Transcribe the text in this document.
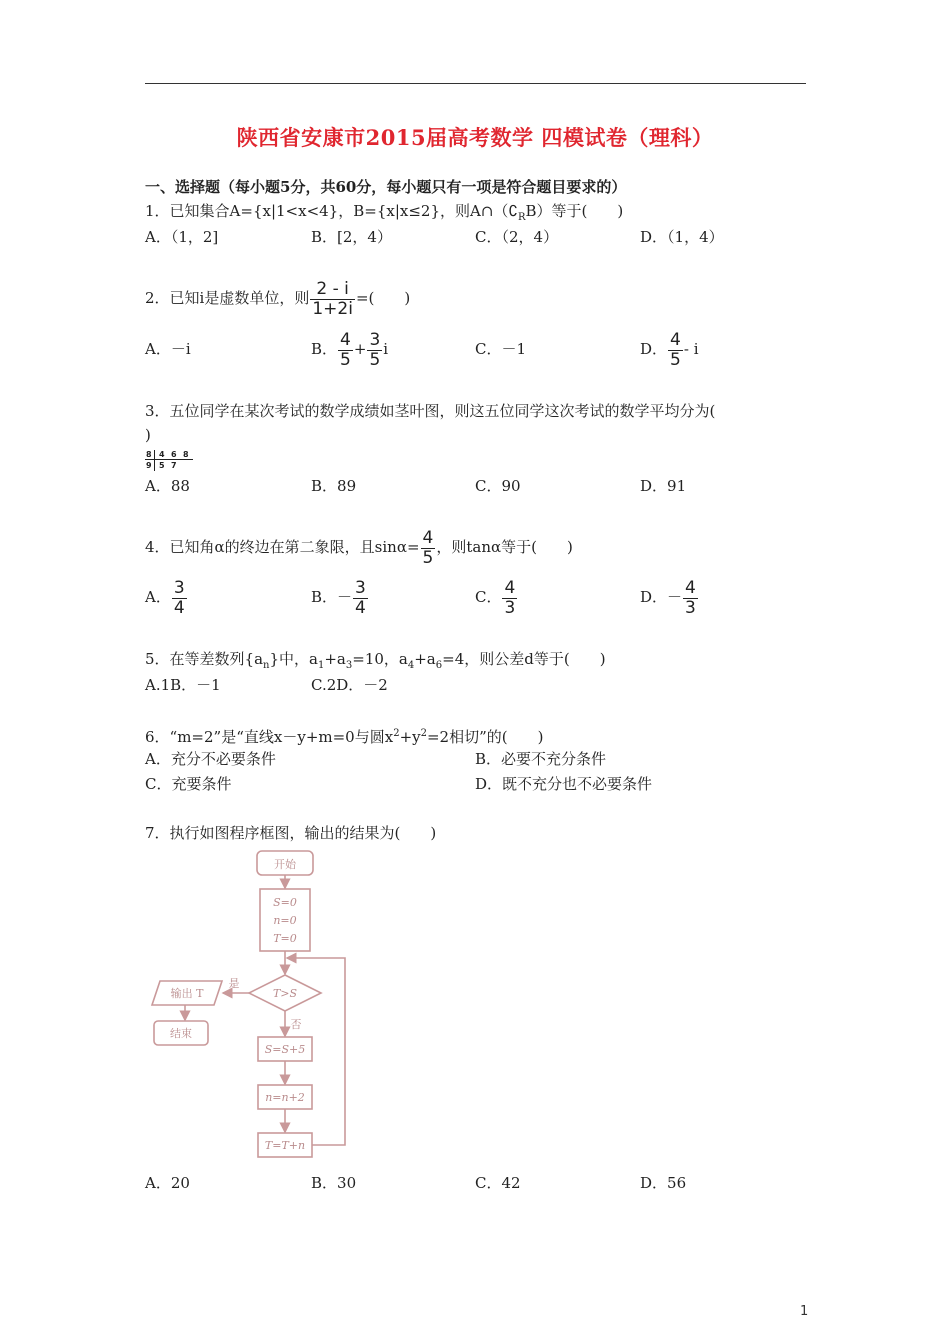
陕西省安康市2015届高考数学 四模试卷（理科）
一、选择题（每小题5分，共60分，每小题只有一项是符合题目要求的）
1．已知集合A={x|1<x<4}，B={x|x≤2}，则$A\cap(∁_RB)$等于(　　)
A．（1，2]	B．[2，4）	C．（2，4）	D．（1，4）
2．已知i是虚数单位，则 $\frac{2 - i}{1+2i}$ =(　　)
A．－i	B． $\frac{4}{5} + \frac{3}{5}$ i	C．－1	D． $\frac{4}{5}$ - i
3．五位同学在某次考试的数学成绩如茎叶图，则这五位同学这次考试的数学平均分为(
)
8 4 6 8
9 5 7
A．88	B．89	C．90	D．91
4．已知角α的终边在第二象限，且$\sin\alpha= \frac{4}{5}$ ，则tanα等于(　　)
A． $\frac{3}{4}$	B．－ $\frac{3}{4}$	C． $\frac{4}{3}$	D．－ $\frac{4}{3}$
5．在等差数列$\{a_n\}$中，$a_1+a_3=10$，$a_4+a_6=4$，则公差d等于(　　)
A.1B．－1	C.2D．－2
6．“m=2”是“直线x－y+m=0与圆$x^2+y^2=2$相切”的(　　)
A．充分不必要条件	B．必要不充分条件
C．充要条件	D．既不充分也不必要条件
7．执行如图程序框图，输出的结果为(　　)
开始
S=0
n=0
T=0
T>S
是
否
输出 T
结束
S=S+5
n=n+2
T=T+n
A．20	B．30	C．42	D．56
1
